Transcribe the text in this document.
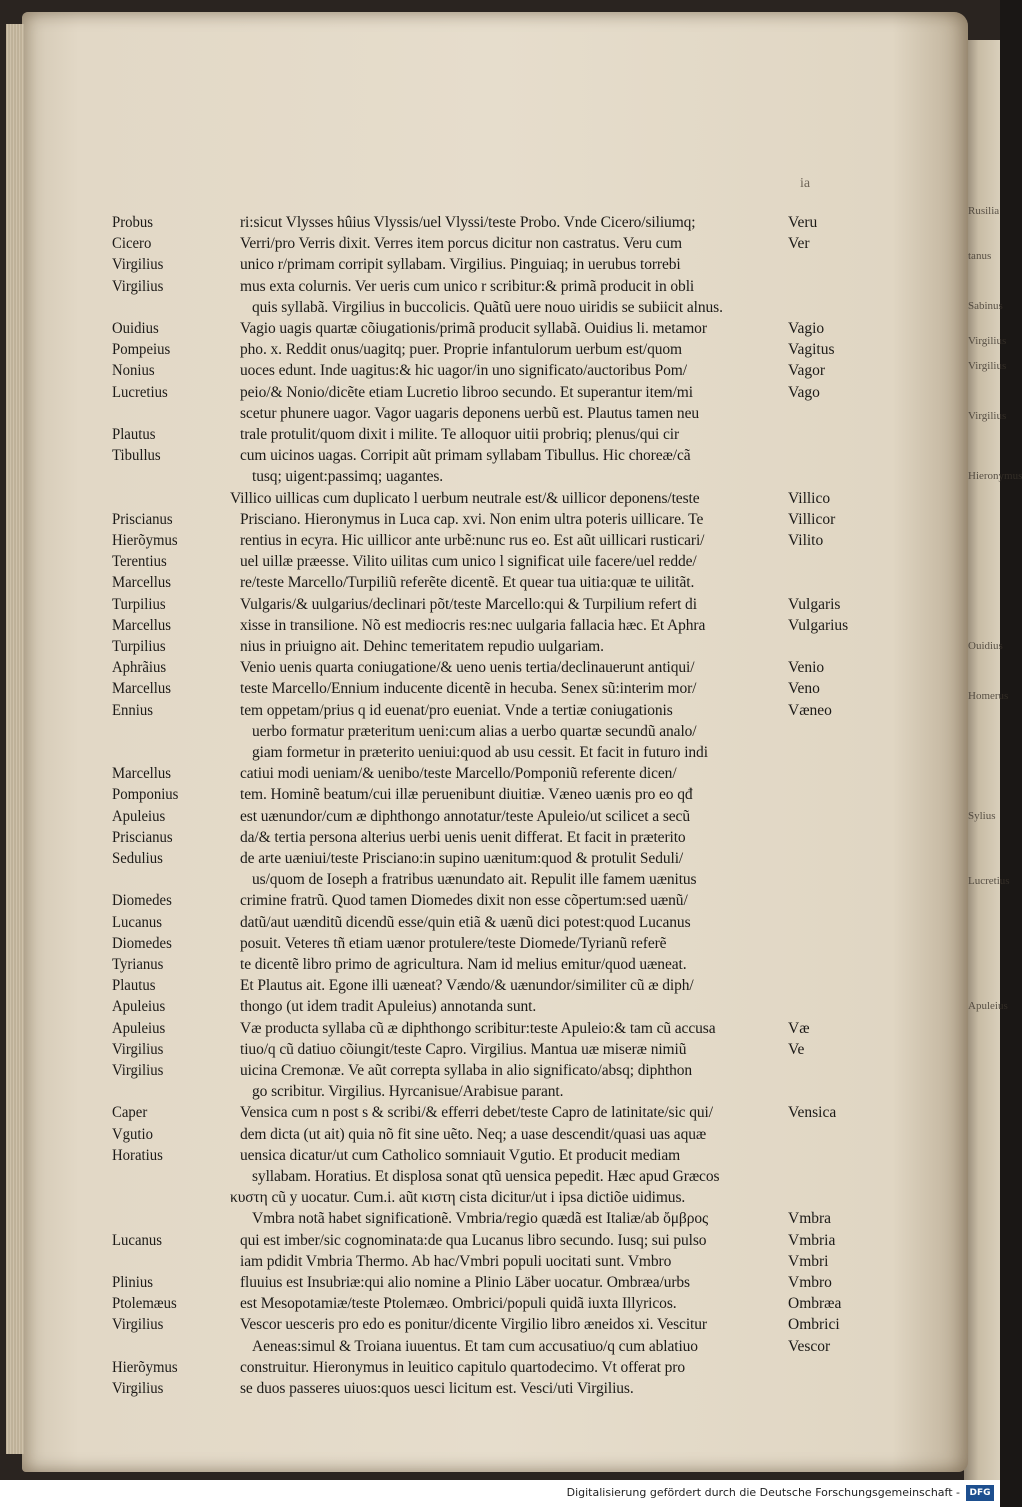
Rusilia
tanus
Sabinus
Virgilius
Virgilius
Virgilius
Hieronymus
Ouidius
Homerus
Sylius
Lucretius
Apuleius
ia
Probus	ri:sicut Vlysses hûius Vlyssis/uel Vlyssi/teste Probo. Vnde Cicero/siliumq;	Veru
Cicero	Verri/pro Verris dixit. Verres item porcus dicitur non castratus. Veru cum	Ver
Virgilius	unico r/primam corripit syllabam. Virgilius. Pinguiaq; in uerubus torrebi
Virgilius	mus exta colurnis. Ver ueris cum unico r scribitur:& primã producit in obli
quis syllabã. Virgilius in buccolicis. Quãtũ uere nouo uiridis se subiicit alnus.
Ouidius	Vagio uagis quartæ cõiugationis/primã producit syllabã. Ouidius li. metamor	Vagio
Pompeius	pho. x. Reddit onus/uagitq; puer. Proprie infantulorum uerbum est/quom	Vagitus
Nonius	uoces edunt. Inde uagitus:& hic uagor/in uno significato/auctoribus Pom/	Vagor
Lucretius	peio/& Nonio/dicẽte etiam Lucretio libroo secundo. Et superantur item/mi	Vago
scetur phunere uagor. Vagor uagaris deponens uerbũ est. Plautus tamen neu
Plautus	trale protulit/quom dixit i milite. Te alloquor uitii probriq; plenus/qui cir
Tibullus	cum uicinos uagas. Corripit aũt primam syllabam Tibullus. Hic choreæ/cã
tusq; uigent:passimq; uagantes.
Villico uillicas cum duplicato l uerbum neutrale est/& uillicor deponens/teste	Villico
Priscianus	Prisciano. Hieronymus in Luca cap. xvi. Non enim ultra poteris uillicare. Te	Villicor
Hierõymus	rentius in ecyra. Hic uillicor ante urbẽ:nunc rus eo. Est aũt uillicari rusticari/	Vilito
Terentius	uel uillæ præesse. Vilito uilitas cum unico l significat uile facere/uel redde/
Marcellus	re/teste Marcello/Turpiliũ referẽte dicentẽ. Et quear tua uitia:quæ te uilitãt.
Turpilius	Vulgaris/& uulgarius/declinari põt/teste Marcello:qui & Turpilium refert di	Vulgaris
Marcellus	xisse in transilione. Nõ est mediocris res:nec uulgaria fallacia hæc. Et Aphra	Vulgarius
Turpilius	nius in priuigno ait. Dehinc temeritatem repudio uulgariam.
Aphrãius	Venio uenis quarta coniugatione/& ueno uenis tertia/declinauerunt antiqui/	Venio
Marcellus	teste Marcello/Ennium inducente dicentẽ in hecuba. Senex sũ:interim mor/	Veno
Ennius	tem oppetam/prius q id euenat/pro eueniat. Vnde a tertiæ coniugationis	Væneo
uerbo formatur præteritum ueni:cum alias a uerbo quartæ secundũ analo/
giam formetur in præterito ueniui:quod ab usu cessit. Et facit in futuro indi
Marcellus	catiui modi ueniam/& uenibo/teste Marcello/Pomponiũ referente dicen/
Pomponius	tem. Hominẽ beatum/cui illæ peruenibunt diuitiæ. Væneo uænis pro eo qđ
Apuleius	est uænundor/cum æ diphthongo annotatur/teste Apuleio/ut scilicet a secũ
Priscianus	da/& tertia persona alterius uerbi uenis uenit differat. Et facit in præterito
Sedulius	de arte uæniui/teste Prisciano:in supino uænitum:quod & protulit Seduli/
us/quom de Ioseph a fratribus uænundato ait. Repulit ille famem uænitus
Diomedes	crimine fratrũ. Quod tamen Diomedes dixit non esse cõpertum:sed uænũ/
Lucanus	datũ/aut uænditũ dicendũ esse/quin etiã & uænũ dici potest:quod Lucanus
Diomedes	posuit. Veteres tñ etiam uænor protulere/teste Diomede/Tyrianũ referẽ
Tyrianus	te dicentẽ libro primo de agricultura. Nam id melius emitur/quod uæneat.
Plautus	Et Plautus ait. Egone illi uæneat? Vændo/& uænundor/similiter cũ æ diph/
Apuleius	thongo (ut idem tradit Apuleius) annotanda sunt.
Apuleius	Væ producta syllaba cũ æ diphthongo scribitur:teste Apuleio:& tam cũ accusa	Væ
Virgilius	tiuo/q cũ datiuo cõiungit/teste Capro. Virgilius. Mantua uæ miseræ nimiũ	Ve
Virgilius	uicina Cremonæ. Ve aũt correpta syllaba in alio significato/absq; diphthon
go scribitur. Virgilius. Hyrcanisue/Arabisue parant.
Caper	Vensica cum n post s & scribi/& efferri debet/teste Capro de latinitate/sic qui/	Vensica
Vgutio	dem dicta (ut ait) quia nõ fit sine uẽto. Neq; a uase descendit/quasi uas aquæ
Horatius	uensica dicatur/ut cum Catholico somniauit Vgutio. Et producit mediam
syllabam. Horatius. Et displosa sonat qtũ uensica pepedit. Hæc apud Græcos
κυστη cũ y uocatur. Cum.i. aũt κιστη cista dicitur/ut i ipsa dictiõe uidimus.
Vmbra notã habet significationẽ. Vmbria/regio quædã est Italiæ/ab ὄμβρος	Vmbra
Lucanus	qui est imber/sic cognominata:de qua Lucanus libro secundo. Iusq; sui pulso	Vmbria
iam pdidit Vmbria Thermo. Ab hac/Vmbri populi uocitati sunt. Vmbro	Vmbri
Plinius	fluuius est Insubriæ:qui alio nomine a Plinio Läber uocatur. Ombræa/urbs	Vmbro
Ptolemæus	est Mesopotamiæ/teste Ptolemæo. Ombrici/populi quidã iuxta Illyricos.	Ombræa
Virgilius	Vescor uesceris pro edo es ponitur/dicente Virgilio libro æneidos xi. Vescitur	Ombrici
Aeneas:simul & Troiana iuuentus. Et tam cum accusatiuo/q cum ablatiuo	Vescor
Hierõymus	construitur. Hieronymus in leuitico capitulo quartodecimo. Vt offerat pro
Virgilius	se duos passeres uiuos:quos uesci licitum est. Vesci/uti Virgilius.
Digitalisierung gefördert durch die Deutsche Forschungsgemeinschaft -	DFG
